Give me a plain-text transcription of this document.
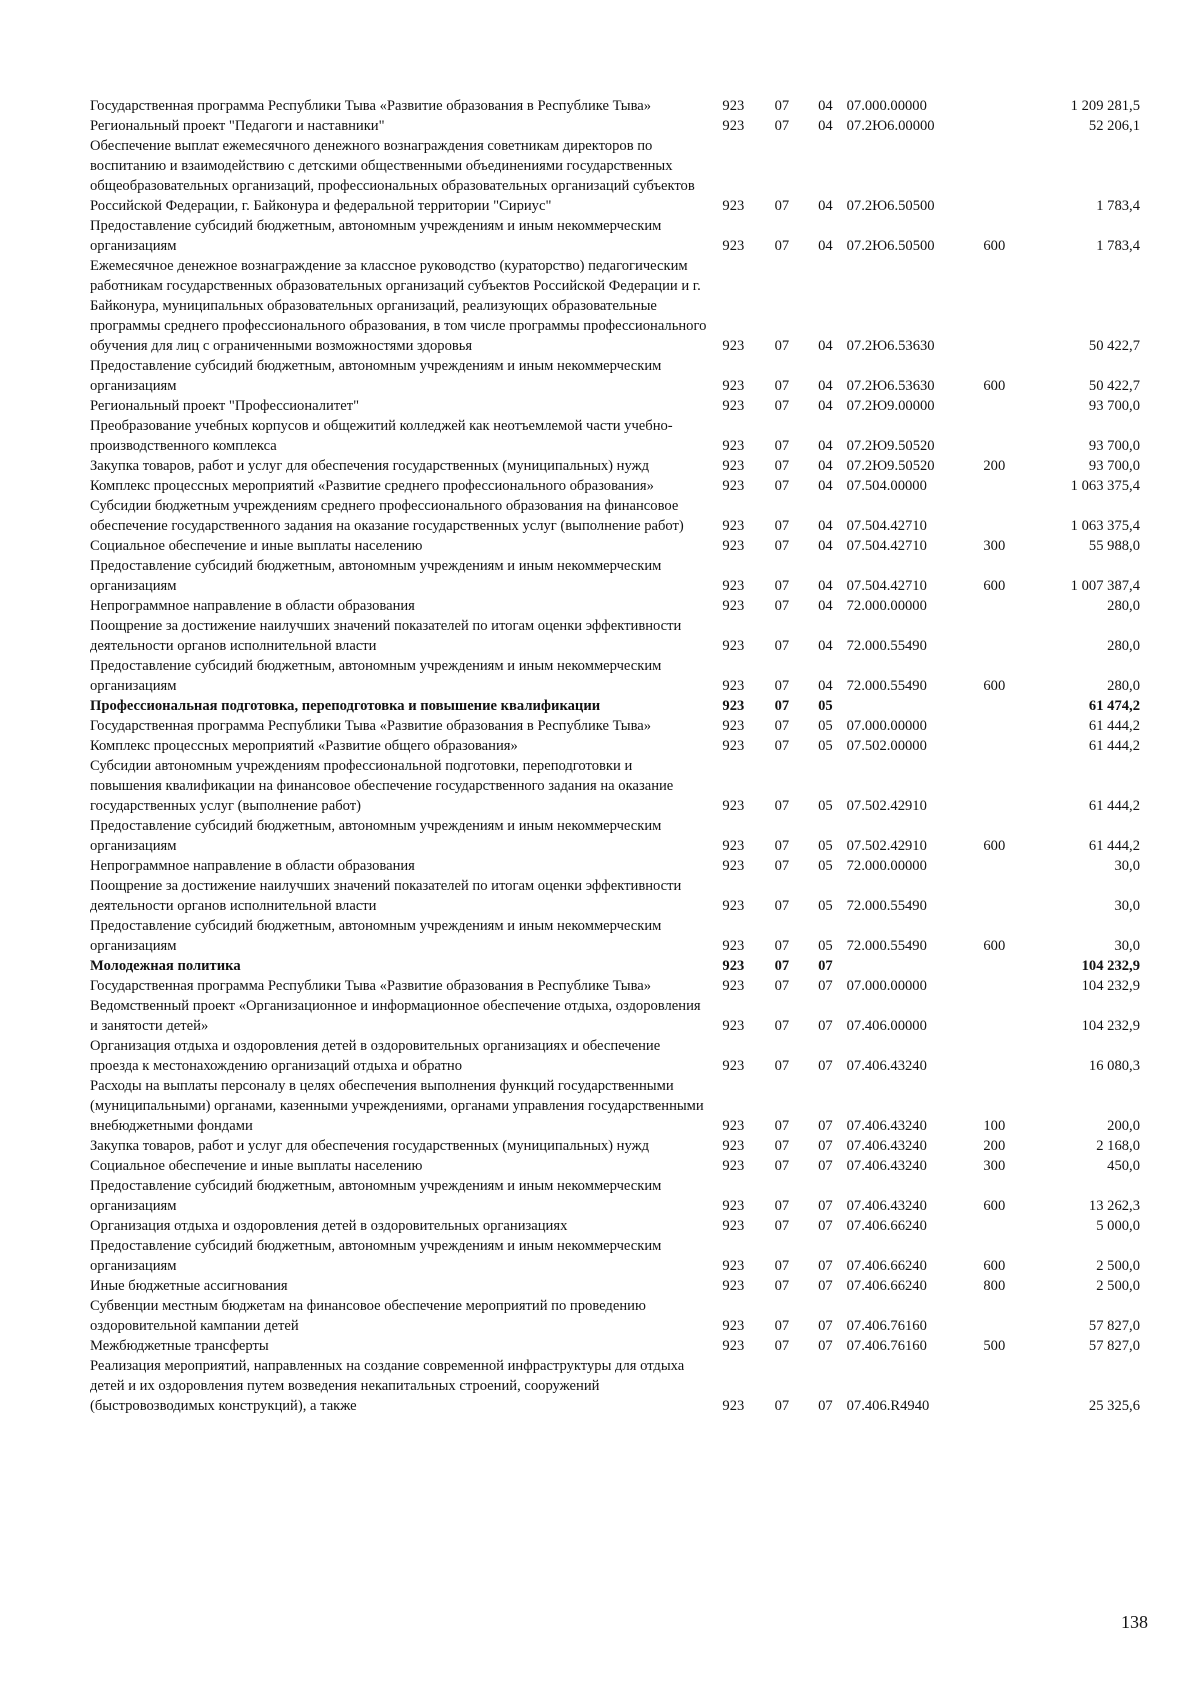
Государственная программа Республики Тыва «Развитие образования в Республике Тыва»	923	07	04	07.000.00000		1 209 281,5
Региональный проект "Педагоги и наставники"	923	07	04	07.2Ю6.00000		52 206,1
Обеспечение выплат ежемесячного денежного вознаграждения советникам директоров по воспитанию и взаимодействию с детскими общественными объединениями государственных общеобразовательных организаций, профессиональных образовательных организаций субъектов Российской Федерации, г. Байконура и федеральной территории "Сириус"	923	07	04	07.2Ю6.50500		1 783,4
Предоставление субсидий бюджетным, автономным учреждениям и иным некоммерческим организациям	923	07	04	07.2Ю6.50500	600	1 783,4
Ежемесячное денежное вознаграждение за классное руководство (кураторство) педагогическим работникам государственных образовательных организаций субъектов Российской Федерации и г. Байконура, муниципальных образовательных организаций, реализующих образовательные программы среднего профессионального образования, в том числе программы профессионального обучения для лиц с ограниченными возможностями здоровья	923	07	04	07.2Ю6.53630		50 422,7
Предоставление субсидий бюджетным, автономным учреждениям и иным некоммерческим организациям	923	07	04	07.2Ю6.53630	600	50 422,7
Региональный проект "Профессионалитет"	923	07	04	07.2Ю9.00000		93 700,0
Преобразование учебных корпусов и общежитий колледжей как неотъемлемой части учебно-производственного комплекса	923	07	04	07.2Ю9.50520		93 700,0
Закупка товаров, работ и услуг для обеспечения государственных (муниципальных) нужд	923	07	04	07.2Ю9.50520	200	93 700,0
Комплекс процессных мероприятий «Развитие среднего профессионального образования»	923	07	04	07.504.00000		1 063 375,4
Субсидии бюджетным учреждениям среднего профессионального образования на финансовое обеспечение государственного задания на оказание государственных услуг (выполнение работ)	923	07	04	07.504.42710		1 063 375,4
Социальное обеспечение и иные выплаты населению	923	07	04	07.504.42710	300	55 988,0
Предоставление субсидий бюджетным, автономным учреждениям и иным некоммерческим организациям	923	07	04	07.504.42710	600	1 007 387,4
Непрограммное направление в области образования	923	07	04	72.000.00000		280,0
Поощрение за достижение наилучших значений показателей по итогам оценки эффективности деятельности органов исполнительной власти	923	07	04	72.000.55490		280,0
Предоставление субсидий бюджетным, автономным учреждениям и иным некоммерческим организациям	923	07	04	72.000.55490	600	280,0
Профессиональная подготовка, переподготовка и повышение квалификации	923	07	05			61 474,2
Государственная программа Республики Тыва «Развитие образования в Республике Тыва»	923	07	05	07.000.00000		61 444,2
Комплекс процессных мероприятий «Развитие общего образования»	923	07	05	07.502.00000		61 444,2
Субсидии автономным учреждениям профессиональной подготовки, переподготовки и повышения квалификации на финансовое обеспечение государственного задания на оказание государственных услуг (выполнение работ)	923	07	05	07.502.42910		61 444,2
Предоставление субсидий бюджетным, автономным учреждениям и иным некоммерческим организациям	923	07	05	07.502.42910	600	61 444,2
Непрограммное направление в области образования	923	07	05	72.000.00000		30,0
Поощрение за достижение наилучших значений показателей по итогам оценки эффективности деятельности органов исполнительной власти	923	07	05	72.000.55490		30,0
Предоставление субсидий бюджетным, автономным учреждениям и иным некоммерческим организациям	923	07	05	72.000.55490	600	30,0
Молодежная политика	923	07	07			104 232,9
Государственная программа Республики Тыва «Развитие образования в Республике Тыва»	923	07	07	07.000.00000		104 232,9
Ведомственный проект «Организационное и информационное обеспечение отдыха, оздоровления и занятости детей»	923	07	07	07.406.00000		104 232,9
Организация отдыха и оздоровления детей в оздоровительных организациях и обеспечение проезда к местонахождению организаций отдыха и обратно	923	07	07	07.406.43240		16 080,3
Расходы на выплаты персоналу в целях обеспечения выполнения функций государственными (муниципальными) органами, казенными учреждениями, органами управления государственными внебюджетными фондами	923	07	07	07.406.43240	100	200,0
Закупка товаров, работ и услуг для обеспечения государственных (муниципальных) нужд	923	07	07	07.406.43240	200	2 168,0
Социальное обеспечение и иные выплаты населению	923	07	07	07.406.43240	300	450,0
Предоставление субсидий бюджетным, автономным учреждениям и иным некоммерческим организациям	923	07	07	07.406.43240	600	13 262,3
Организация отдыха и оздоровления детей в оздоровительных организациях	923	07	07	07.406.66240		5 000,0
Предоставление субсидий бюджетным, автономным учреждениям и иным некоммерческим организациям	923	07	07	07.406.66240	600	2 500,0
Иные бюджетные ассигнования	923	07	07	07.406.66240	800	2 500,0
Субвенции местным бюджетам на финансовое обеспечение мероприятий по проведению оздоровительной кампании детей	923	07	07	07.406.76160		57 827,0
Межбюджетные трансферты	923	07	07	07.406.76160	500	57 827,0
Реализация мероприятий, направленных на создание современной инфраструктуры для отдыха детей и их оздоровления путем возведения некапитальных строений, сооружений (быстровозводимых конструкций), а также	923	07	07	07.406.R4940		25 325,6
138
